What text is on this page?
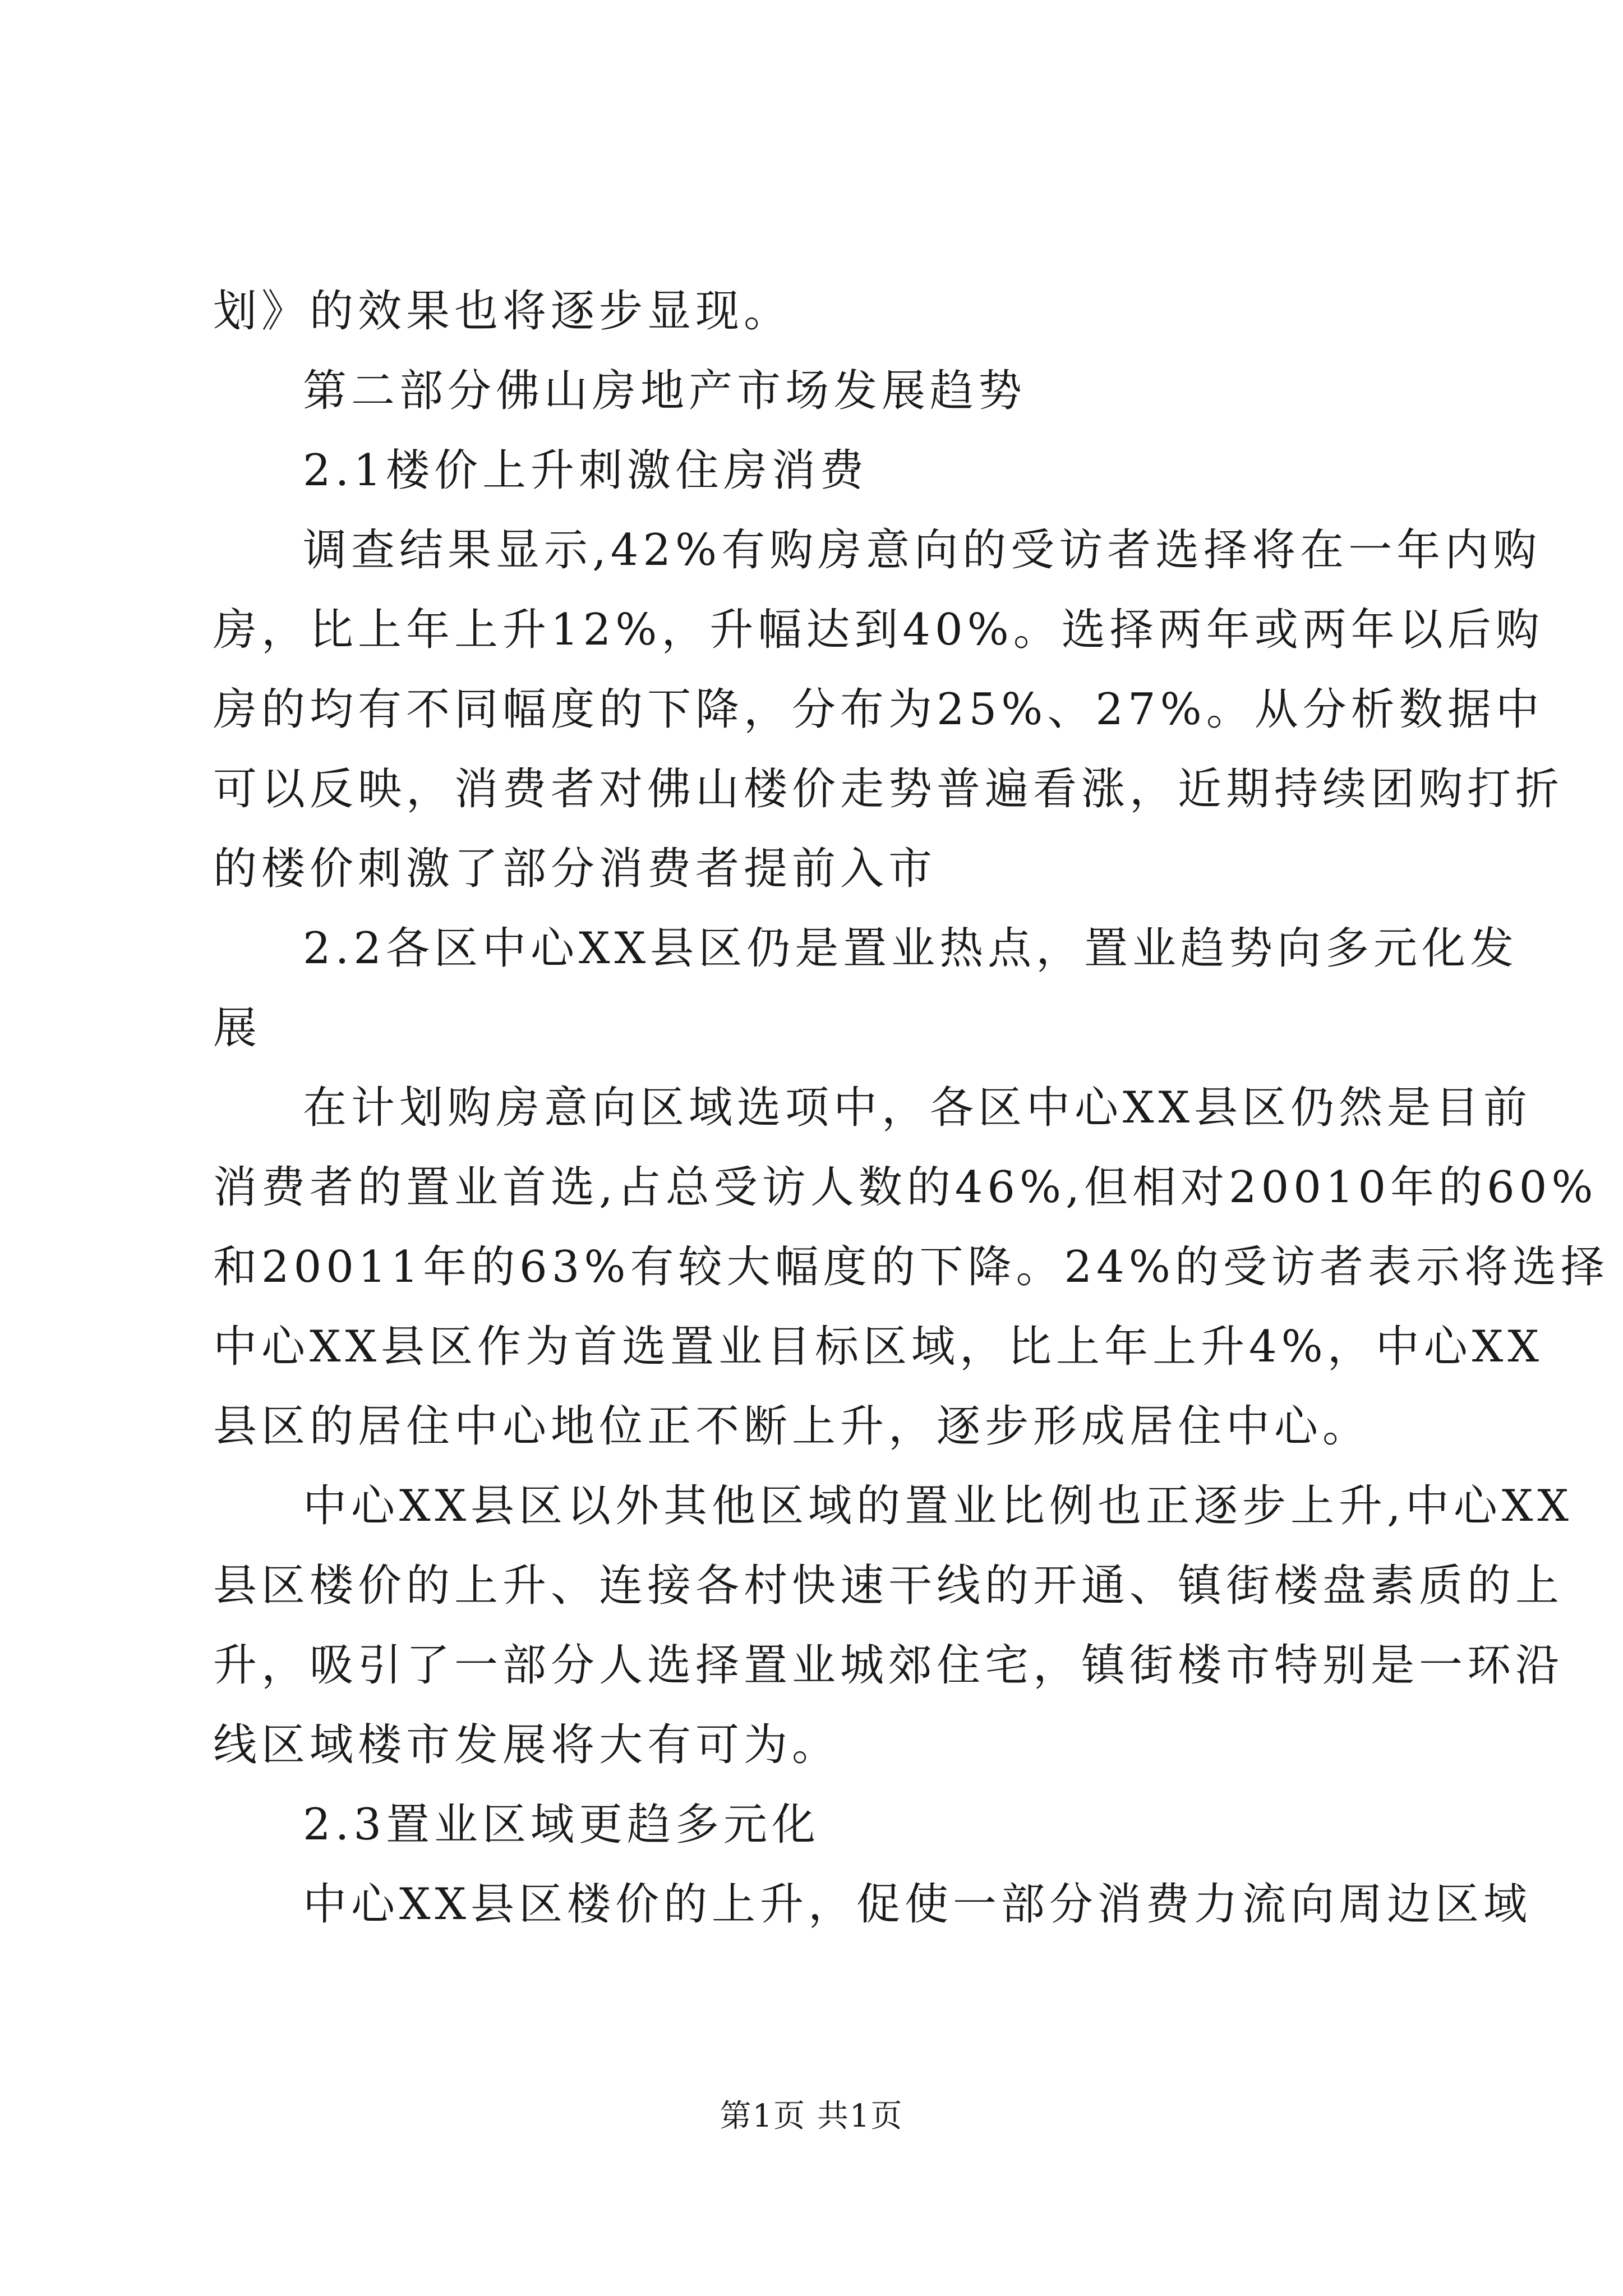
划》的效果也将逐步显现。
第二部分佛山房地产市场发展趋势
2.1楼价上升刺激住房消费
调查结果显示,42%有购房意向的受访者选择将在一年内购
房，比上年上升12%，升幅达到40%。选择两年或两年以后购
房的均有不同幅度的下降，分布为25%、27%。从分析数据中
可以反映，消费者对佛山楼价走势普遍看涨，近期持续团购打折
的楼价刺激了部分消费者提前入市
2.2各区中心XX县区仍是置业热点，置业趋势向多元化发
展
在计划购房意向区域选项中，各区中心XX县区仍然是目前
消费者的置业首选,占总受访人数的46%,但相对20010年的60%
和20011年的63%有较大幅度的下降。24%的受访者表示将选择
中心XX县区作为首选置业目标区域，比上年上升4%，中心XX
县区的居住中心地位正不断上升，逐步形成居住中心。
中心XX县区以外其他区域的置业比例也正逐步上升,中心XX
县区楼价的上升、连接各村快速干线的开通、镇街楼盘素质的上
升，吸引了一部分人选择置业城郊住宅，镇街楼市特别是一环沿
线区域楼市发展将大有可为。
2.3置业区域更趋多元化
中心XX县区楼价的上升，促使一部分消费力流向周边区域
第1页 共1页
